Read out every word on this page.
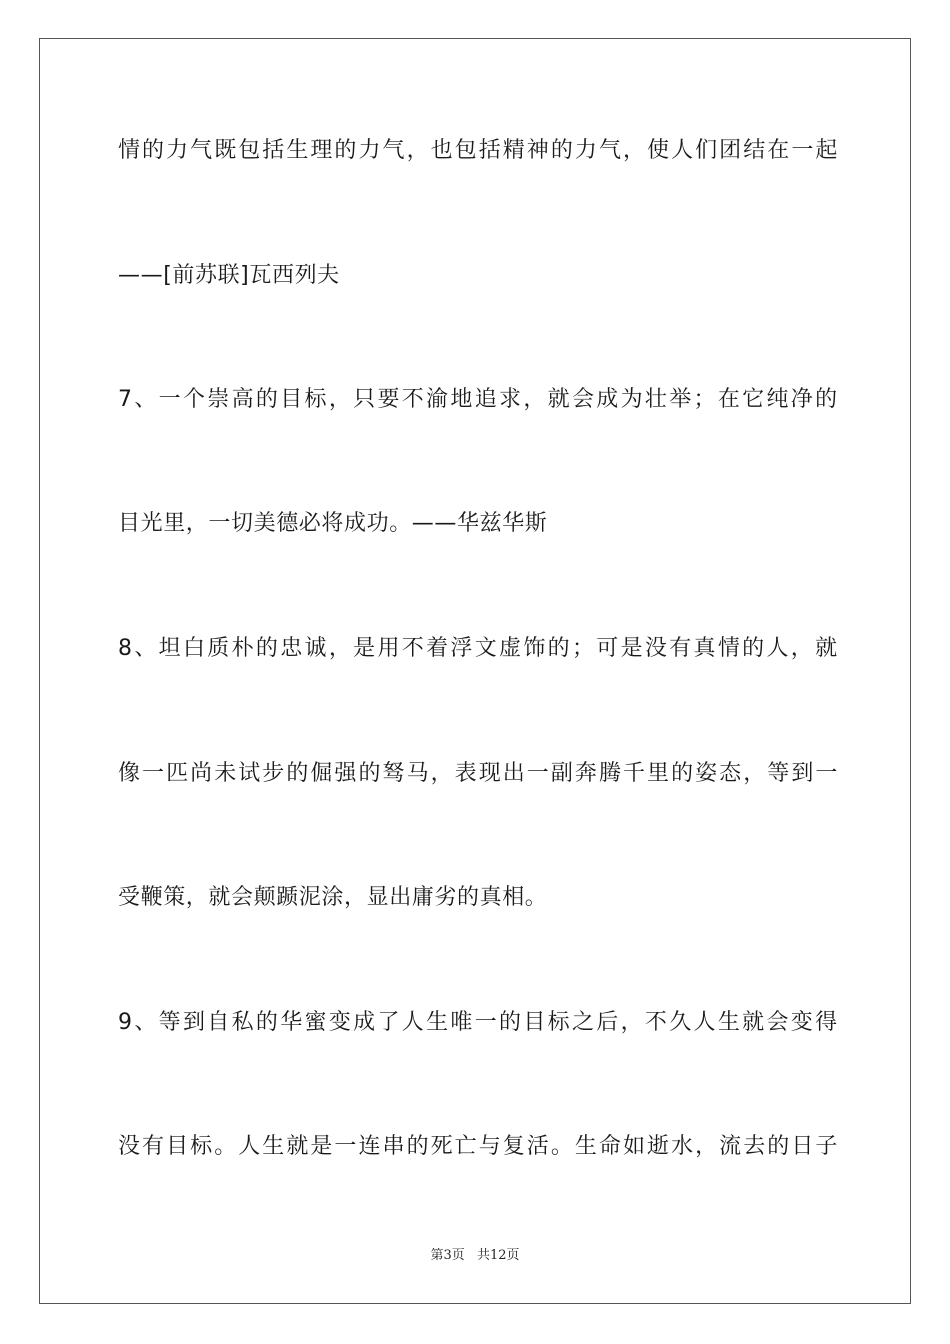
情 的 力 气 既 包 括 生 理 的 力 气 ， 也 包 括 精 神 的 力 气 ， 使 人 们 团 结 在 一 起
——[前苏联]瓦西列夫
7 、 一 个 崇 高 的 目 标 ， 只 要 不 渝 地 追 求 ， 就 会 成 为 壮 举 ； 在 它 纯 净 的
目光里，一切美德必将成功。——华兹华斯
8 、 坦 白 质 朴 的 忠 诚 ， 是 用 不 着 浮 文 虚 饰 的 ； 可 是 没 有 真 情 的 人 ， 就
像 一 匹 尚 未 试 步 的 倔 强 的 驽 马 ， 表 现 出 一 副 奔 腾 千 里 的 姿 态 ， 等 到 一
受鞭策，就会颠踬泥涂，显出庸劣的真相。
9 、 等 到 自 私 的 华 蜜 变 成 了 人 生 唯 一 的 目 标 之 后 ， 不 久 人 生 就 会 变 得
没 有 目 标 。 人 生 就 是 一 连 串 的 死 亡 与 复 活 。 生 命 如 逝 水 ， 流 去 的 日 子
第3页 共12页
